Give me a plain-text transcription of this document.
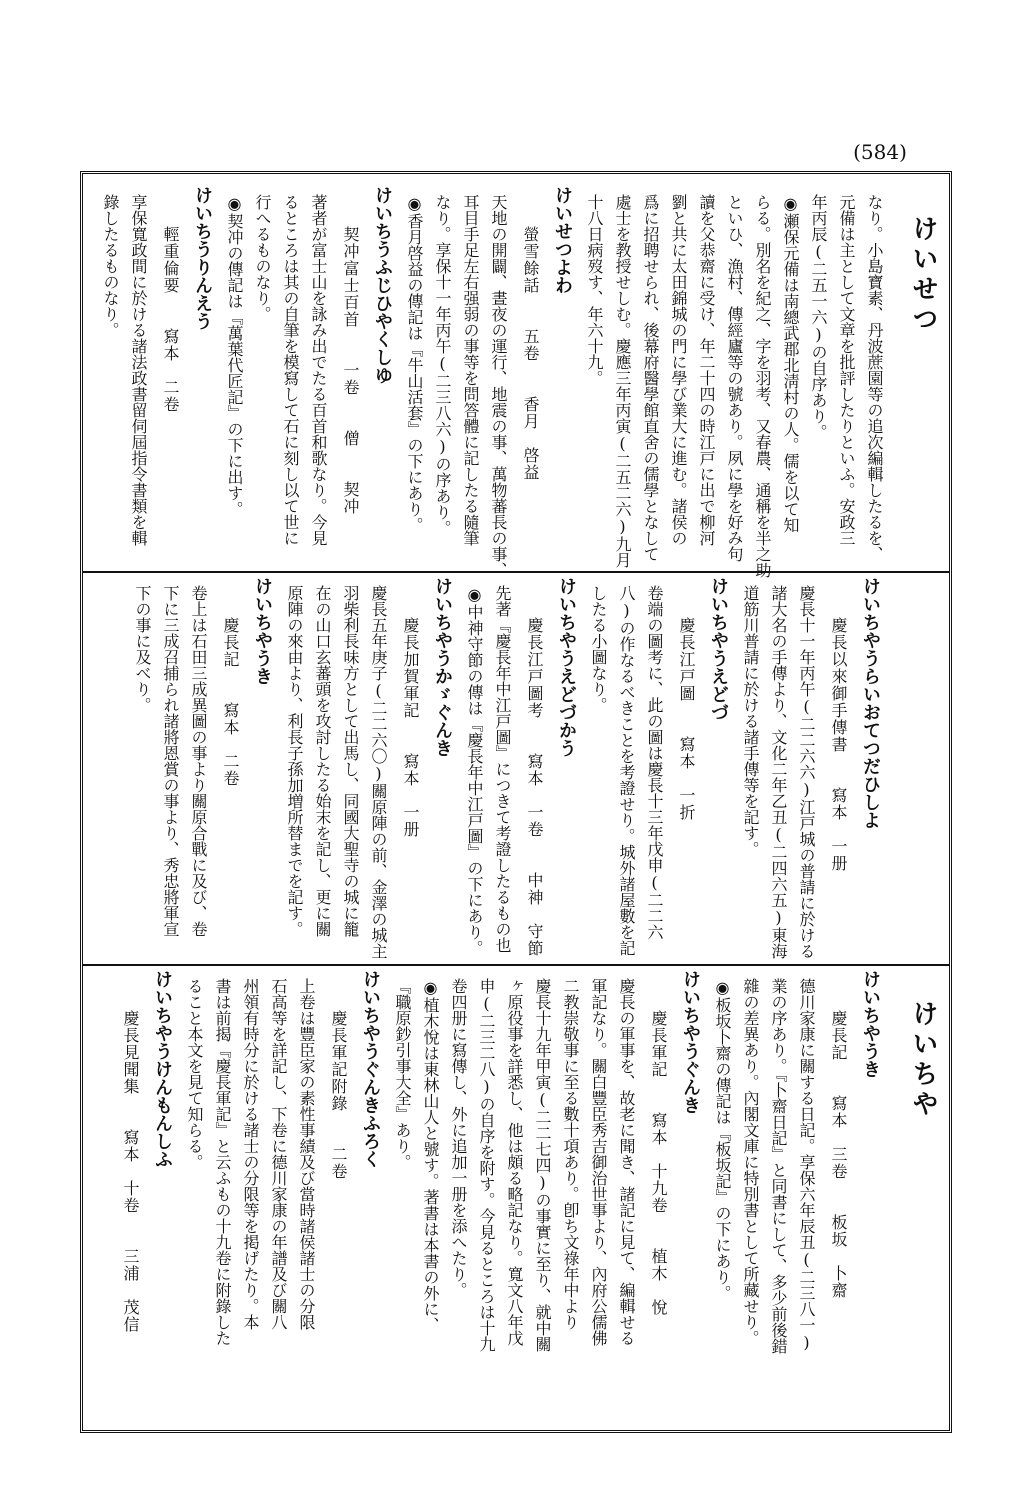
(584)
けいせつ
けいちや
なり。小島寶素、丹波蔗園等の追次編輯したるを、
元備は主として文章を批評したりといふ。安政三
年丙辰(二五一六)の自序あり。
◉瀬保元備は南總武郡北淸村の人。儒を以て知
らる。別名を紀之、字を羽考、又春農、通稱を半之助
といひ、漁村、傳經廬等の號あり。夙に學を好み句
讀を父恭齋に受け、年二十四の時江戸に出で柳河
劉と共に太田錦城の門に學び業大に進む。諸侯の
爲に招聘せられ、後幕府醫學館直舍の儒學となして
處士を教授せしむ。慶應三年丙寅(二五二六)九月
十八日病歿す、年六十九。
けいせつよわ
螢雪餘話　　五卷　　香月　啓益
天地の開闢、晝夜の運行、地震の事、萬物蕃長の事、
耳目手足左右强弱の事等を問答體に記したる隨筆
なり。享保十一年丙午(二三八六)の序あり。
◉香月啓益の傳記は『牛山活套』の下にあり。
けいちうふじひやくしゆ
契冲富士百首　　一卷　　僧　　契冲
著者が富士山を詠み出でたる百首和歌なり。今見
るところは其の自筆を模寫して石に刻し以て世に
行へるものなり。
◉契冲の傳記は『萬葉代匠記』の下に出す。
けいちうりんえう
輕重倫要　　寫本　二卷
享保寬政間に於ける諸法政書留伺屆指令書類を輯
錄したるものなり。
けいちやうらいおてつだひしよ
慶長以來御手傳書　　寫本　一册
慶長十一年丙午(二二六六)江戸城の普請に於ける
諸大名の手傳より、文化二年乙丑(二四六五)東海
道筋川普請に於ける諸手傳等を記す。
けいちやうえどづ
慶長江戸圖　　寫本　一折
卷端の圖考に、此の圖は慶長十三年戊申(二二六
八)の作なるべきことを考證せり。城外諸屋數を記
したる小圖なり。
けいちやうえどづかう
慶長江戸圖考　　寫本　一卷　　中神　守節
先著『慶長年中江戸圖』につきて考證したるもの也
◉中神守節の傳は『慶長年中江戸圖』の下にあり。
けいちやうかゞぐんき
慶長加賀軍記　　寫本　一册
慶長五年庚子(二二六〇)關原陣の前、金澤の城主
羽柴利長味方として出馬し、同國大聖寺の城に籠
在の山口玄蕃頭を攻討したる始末を記し、更に關
原陣の來由より、利長子孫加増所替までを記す。
けいちやうき
慶長記　　寫本　二卷
卷上は石田三成異圖の事より關原合戰に及び、卷
下に三成召捕られ諸將恩賞の事より、秀忠將軍宣
下の事に及べり。
けいちやうき
慶長記　　寫本　三卷　　板坂　卜齋
德川家康に關する日記。享保六年辰丑(二三八一)
業の序あり。『卜齋日記』と同書にして、多少前後錯
雜の差異あり。內閣文庫に特別書として所藏せり。
◉板坂卜齋の傳記は『板坂記』の下にあり。
けいちやうぐんき
慶長軍記　　寫本　十九卷　　植木　悅
慶長の軍事を、故老に聞き、諸記に見て、編輯せる
軍記なり。關白豐臣秀吉御治世事より、內府公儒佛
二教崇敬事に至る數十項あり。卽ち文祿年中より
慶長十九年甲寅(二二七四)の事實に至り、就中關
ヶ原役事を詳悉し、他は頗る略記なり。寬文八年戊
申(二三二八)の自序を附す。今見るところは十九
卷四册に寫傳し、外に追加一册を添へたり。
◉植木悅は東林山人と號す。著書は本書の外に、
『職原鈔引事大全』あり。
けいちやうぐんきふろく
慶長軍記附錄　　二卷
上卷は豐臣家の素性事績及び當時諸侯諸士の分限
石高等を詳記し、下卷に德川家康の年譜及び關八
州領有時分に於ける諸士の分限等を掲げたり。本
書は前揭『慶長軍記』と云ふもの十九卷に附錄した
ること本文を見て知らる。
けいちやうけんもんしふ
慶長見聞集　　寫本　十卷　　三浦　茂信
